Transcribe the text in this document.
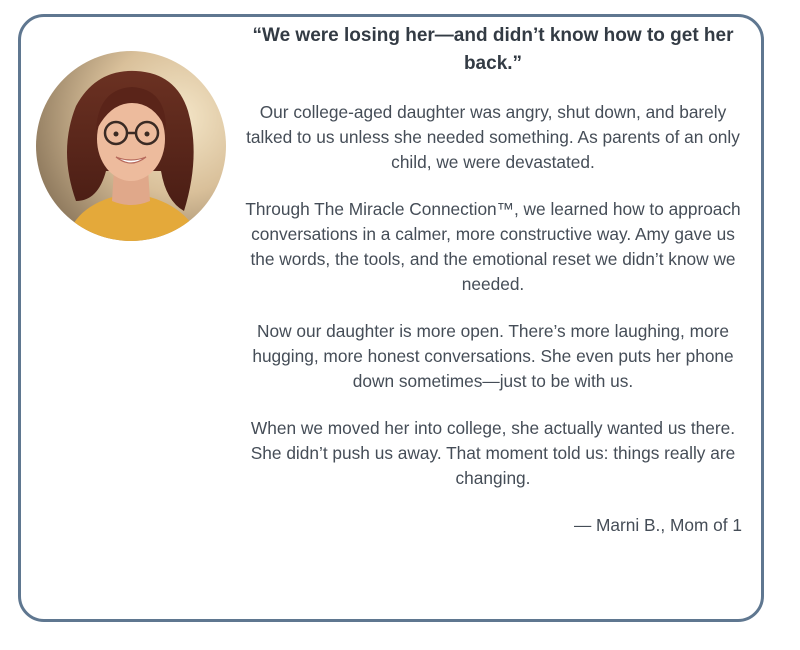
“We were losing her—and didn’t know how to get her back.”

Our college-aged daughter was angry, shut down, and barely talked to us unless she needed something. As parents of an only child, we were devastated.

Through The Miracle Connection™, we learned how to approach conversations in a calmer, more constructive way. Amy gave us the words, the tools, and the emotional reset we didn’t know we needed.

Now our daughter is more open. There’s more laughing, more hugging, more honest conversations. She even puts her phone down sometimes—just to be with us.

When we moved her into college, she actually wanted us there. She didn’t push us away. That moment told us: things really are changing.

— Marni B., Mom of 1
